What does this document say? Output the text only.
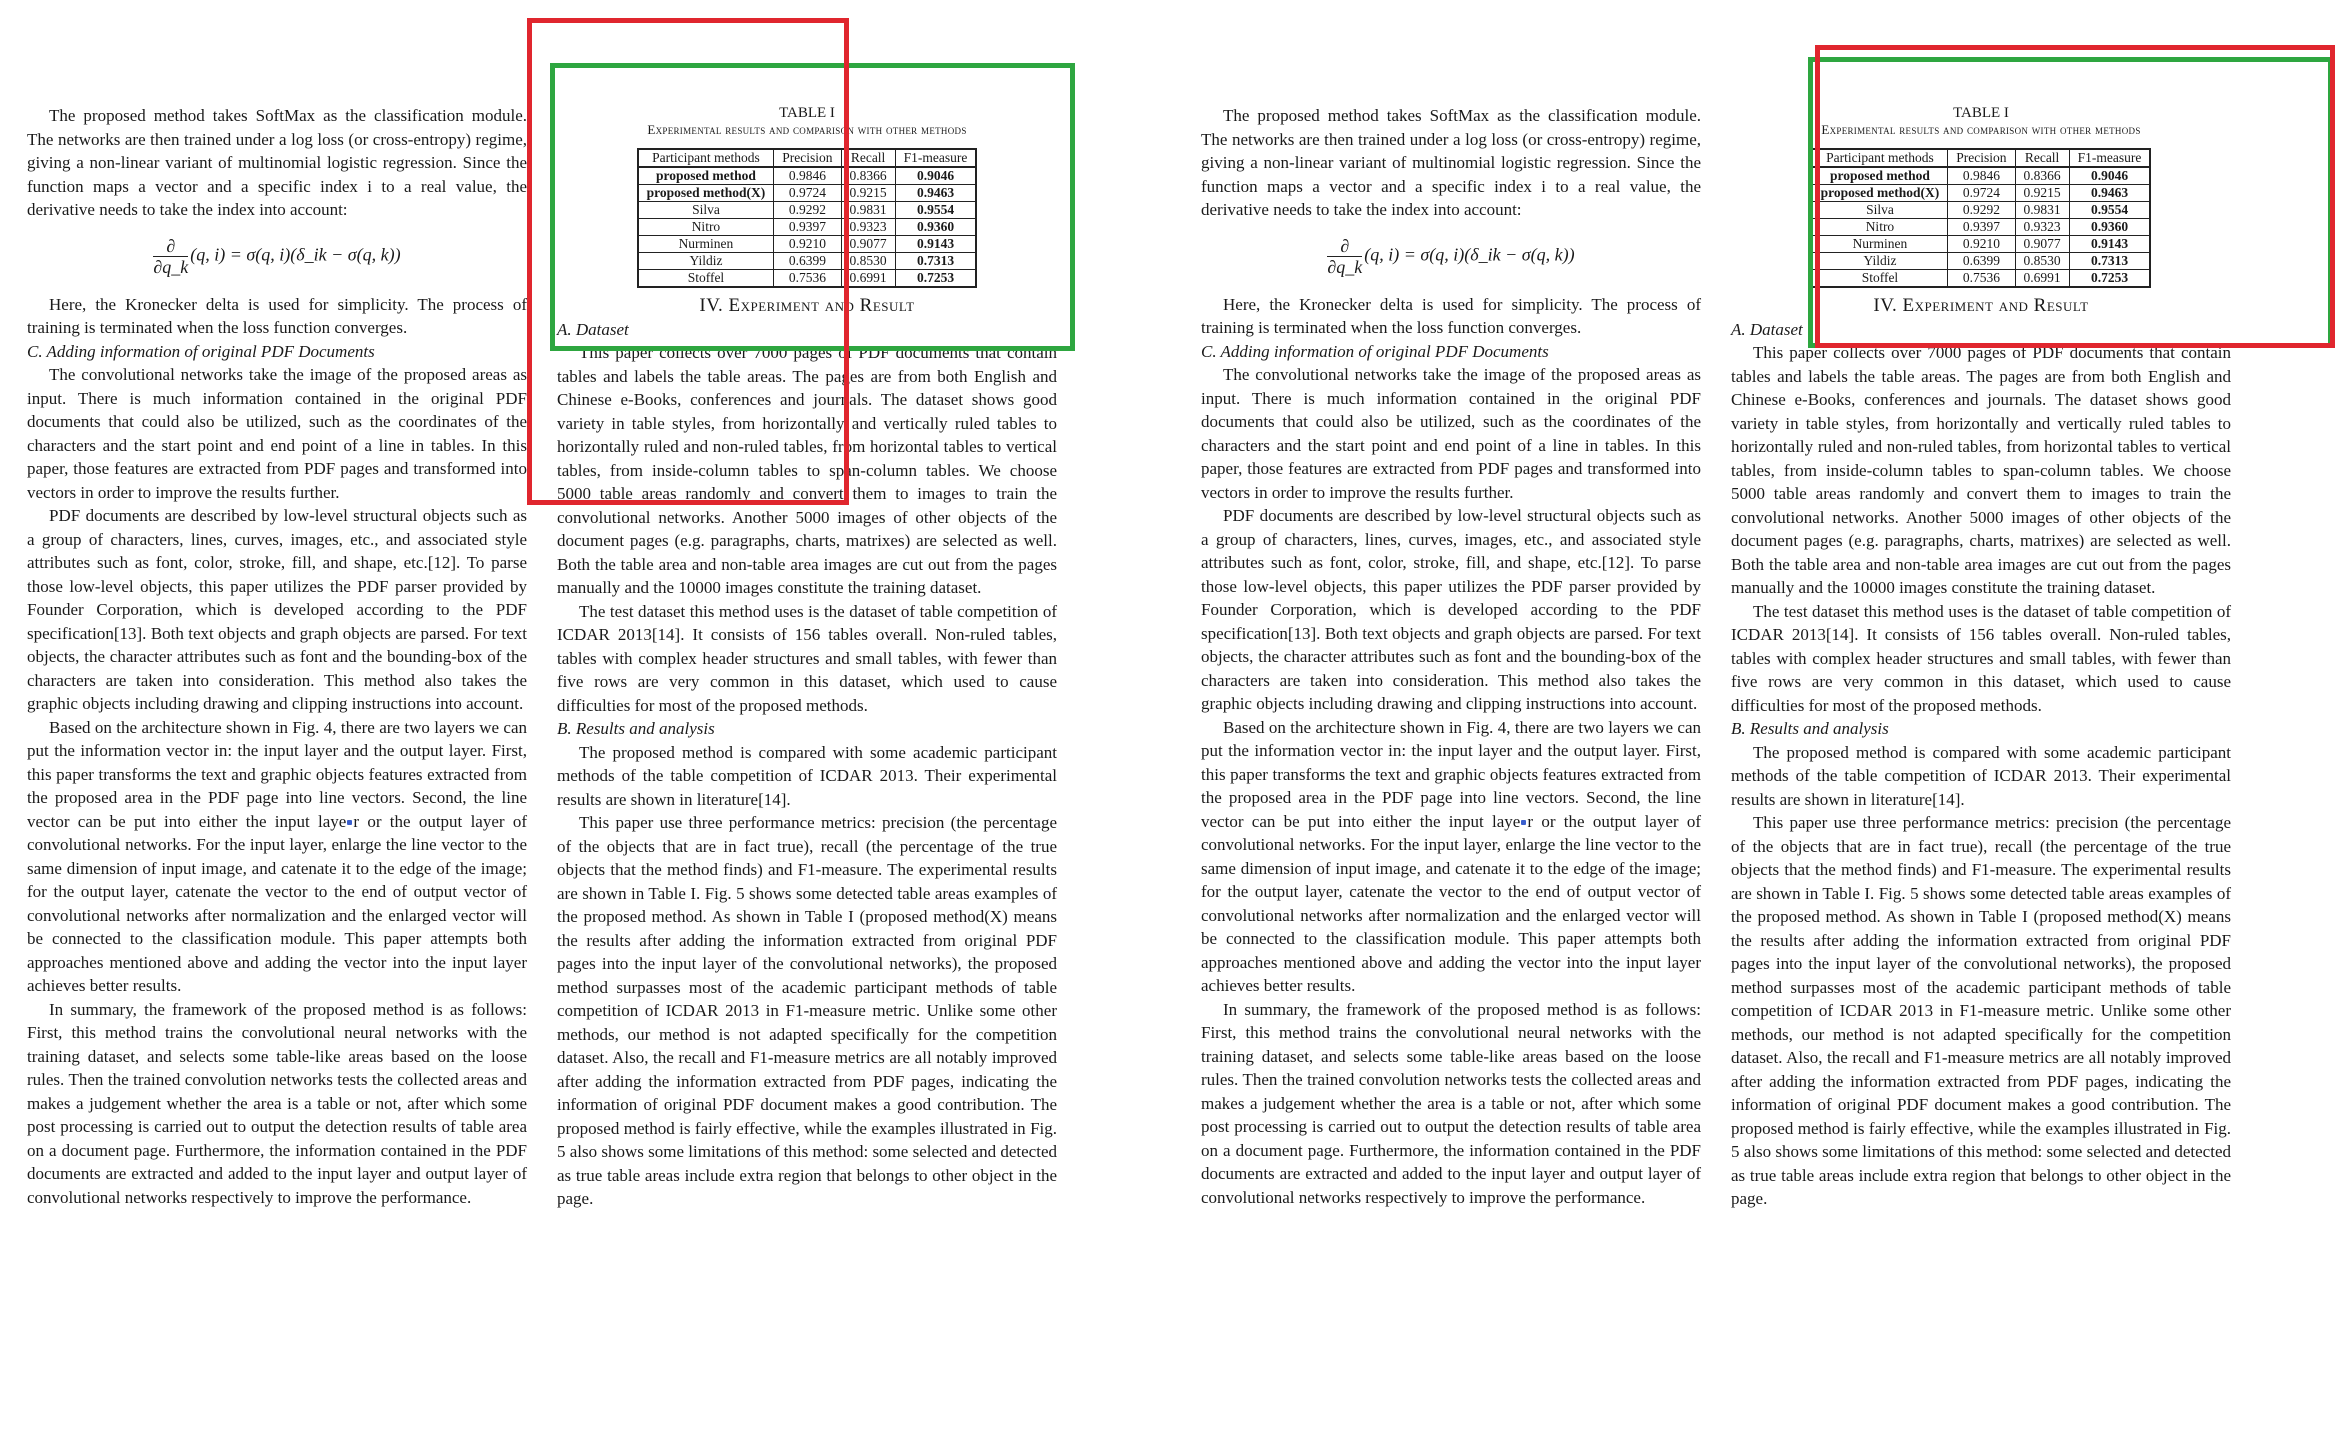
The proposed method takes SoftMax as the classification module. The networks are then trained under a log loss (or cross-entropy) regime, giving a non-linear variant of multinomial logistic regression. Since the function maps a vector and a specific index i to a real value, the derivative needs to take the index into account:

$\frac{\partial}{\partial q\_k} (q$, i) = σ(q, i)(δ_ik − σ(q, k))

Here, the Kronecker delta is used for simplicity. The process of training is terminated when the loss function converges.

C. Adding information of original PDF Documents

The convolutional networks take the image of the proposed areas as input. There is much information contained in the original PDF documents that could also be utilized, such as the coordinates of the characters and the start point and end point of a line in tables. In this paper, those features are extracted from PDF pages and transformed into vectors in order to improve the results further.

PDF documents are described by low-level structural objects such as a group of characters, lines, curves, images, etc., and associated style attributes such as font, color, stroke, fill, and shape, etc.[12]. To parse those low-level objects, this paper utilizes the PDF parser provided by Founder Corporation, which is developed according to the PDF specification[13]. Both text objects and graph objects are parsed. For text objects, the character attributes such as font and the bounding-box of the characters are taken into consideration. This method also takes the graphic objects including drawing and clipping instructions into account.

Based on the architecture shown in Fig. 4, there are two layers we can put the information vector in: the input layer and the output layer. First, this paper transforms the text and graphic objects features extracted from the proposed area in the PDF page into line vectors. Second, the line vector can be put into either the input laye r or the output layer of convolutional networks. For the input layer, enlarge the line vector to the same dimension of input image, and catenate it to the edge of the image; for the output layer, catenate the vector to the end of output vector of convolutional networks after normalization and the enlarged vector will be connected to the classification module. This paper attempts both approaches mentioned above and adding the vector into the input layer achieves better results.

In summary, the framework of the proposed method is as follows: First, this method trains the convolutional neural networks with the training dataset, and selects some table-like areas based on the loose rules. Then the trained convolution networks tests the collected areas and makes a judgement whether the area is a table or not, after which some post processing is carried out to output the detection results of table area on a document page. Furthermore, the information contained in the PDF documents are extracted and added to the input layer and output layer of convolutional networks respectively to improve the performance.

TABLE I
Experimental results and comparison with other methods
Participant methods	Precision	Recall	F1-measure
proposed method	0.9846	0.8366	0.9046
proposed method(X)	0.9724	0.9215	0.9463
Silva	0.9292	0.9831	0.9554
Nitro	0.9397	0.9323	0.9360
Nurminen	0.9210	0.9077	0.9143
Yildiz	0.6399	0.8530	0.7313
Stoffel	0.7536	0.6991	0.7253

IV. Experiment and Result

A. Dataset

This paper collects over 7000 pages of PDF documents that contain tables and labels the table areas. The pages are from both English and Chinese e-Books, conferences and journals. The dataset shows good variety in table styles, from horizontally and vertically ruled tables to horizontally ruled and non-ruled tables, from horizontal tables to vertical tables, from inside-column tables to span-column tables. We choose 5000 table areas randomly and convert them to images to train the convolutional networks. Another 5000 images of other objects of the document pages (e.g. paragraphs, charts, matrixes) are selected as well. Both the table area and non-table area images are cut out from the pages manually and the 10000 images constitute the training dataset.

The test dataset this method uses is the dataset of table competition of ICDAR 2013[14]. It consists of 156 tables overall. Non-ruled tables, tables with complex header structures and small tables, with fewer than five rows are very common in this dataset, which used to cause difficulties for most of the proposed methods.

B. Results and analysis

The proposed method is compared with some academic participant methods of the table competition of ICDAR 2013. Their experimental results are shown in literature[14].

This paper use three performance metrics: precision (the percentage of the objects that are in fact true), recall (the percentage of the true objects that the method finds) and F1-measure. The experimental results are shown in Table I. Fig. 5 shows some detected table areas examples of the proposed method. As shown in Table I (proposed method(X) means the results after adding the information extracted from original PDF pages into the input layer of the convolutional networks), the proposed method surpasses most of the academic participant methods of table competition of ICDAR 2013 in F1-measure metric. Unlike some other methods, our method is not adapted specifically for the competition dataset. Also, the recall and F1-measure metrics are all notably improved after adding the information extracted from PDF pages, indicating the information of original PDF document makes a good contribution. The proposed method is fairly effective, while the examples illustrated in Fig. 5 also shows some limitations of this method: some selected and detected as true table areas include extra region that belongs to other object in the page.

The proposed method takes SoftMax as the classification module. The networks are then trained under a log loss (or cross-entropy) regime, giving a non-linear variant of multinomial logistic regression. Since the function maps a vector and a specific index i to a real value, the derivative needs to take the index into account:

$\frac{\partial}{\partial q\_k} (q$, i) = σ(q, i)(δ_ik − σ(q, k))

Here, the Kronecker delta is used for simplicity. The process of training is terminated when the loss function converges.

C. Adding information of original PDF Documents

The convolutional networks take the image of the proposed areas as input. There is much information contained in the original PDF documents that could also be utilized, such as the coordinates of the characters and the start point and end point of a line in tables. In this paper, those features are extracted from PDF pages and transformed into vectors in order to improve the results further.

PDF documents are described by low-level structural objects such as a group of characters, lines, curves, images, etc., and associated style attributes such as font, color, stroke, fill, and shape, etc.[12]. To parse those low-level objects, this paper utilizes the PDF parser provided by Founder Corporation, which is developed according to the PDF specification[13]. Both text objects and graph objects are parsed. For text objects, the character attributes such as font and the bounding-box of the characters are taken into consideration. This method also takes the graphic objects including drawing and clipping instructions into account.

Based on the architecture shown in Fig. 4, there are two layers we can put the information vector in: the input layer and the output layer. First, this paper transforms the text and graphic objects features extracted from the proposed area in the PDF page into line vectors. Second, the line vector can be put into either the input laye r or the output layer of convolutional networks. For the input layer, enlarge the line vector to the same dimension of input image, and catenate it to the edge of the image; for the output layer, catenate the vector to the end of output vector of convolutional networks after normalization and the enlarged vector will be connected to the classification module. This paper attempts both approaches mentioned above and adding the vector into the input layer achieves better results.

In summary, the framework of the proposed method is as follows: First, this method trains the convolutional neural networks with the training dataset, and selects some table-like areas based on the loose rules. Then the trained convolution networks tests the collected areas and makes a judgement whether the area is a table or not, after which some post processing is carried out to output the detection results of table area on a document page. Furthermore, the information contained in the PDF documents are extracted and added to the input layer and output layer of convolutional networks respectively to improve the performance.

TABLE I
Experimental results and comparison with other methods
Participant methods	Precision	Recall	F1-measure
proposed method	0.9846	0.8366	0.9046
proposed method(X)	0.9724	0.9215	0.9463
Silva	0.9292	0.9831	0.9554
Nitro	0.9397	0.9323	0.9360
Nurminen	0.9210	0.9077	0.9143
Yildiz	0.6399	0.8530	0.7313
Stoffel	0.7536	0.6991	0.7253

IV. Experiment and Result

A. Dataset

This paper collects over 7000 pages of PDF documents that contain tables and labels the table areas. The pages are from both English and Chinese e-Books, conferences and journals. The dataset shows good variety in table styles, from horizontally and vertically ruled tables to horizontally ruled and non-ruled tables, from horizontal tables to vertical tables, from inside-column tables to span-column tables. We choose 5000 table areas randomly and convert them to images to train the convolutional networks. Another 5000 images of other objects of the document pages (e.g. paragraphs, charts, matrixes) are selected as well. Both the table area and non-table area images are cut out from the pages manually and the 10000 images constitute the training dataset.

The test dataset this method uses is the dataset of table competition of ICDAR 2013[14]. It consists of 156 tables overall. Non-ruled tables, tables with complex header structures and small tables, with fewer than five rows are very common in this dataset, which used to cause difficulties for most of the proposed methods.

B. Results and analysis

The proposed method is compared with some academic participant methods of the table competition of ICDAR 2013. Their experimental results are shown in literature[14].

This paper use three performance metrics: precision (the percentage of the objects that are in fact true), recall (the percentage of the true objects that the method finds) and F1-measure. The experimental results are shown in Table I. Fig. 5 shows some detected table areas examples of the proposed method. As shown in Table I (proposed method(X) means the results after adding the information extracted from original PDF pages into the input layer of the convolutional networks), the proposed method surpasses most of the academic participant methods of table competition of ICDAR 2013 in F1-measure metric. Unlike some other methods, our method is not adapted specifically for the competition dataset. Also, the recall and F1-measure metrics are all notably improved after adding the information extracted from PDF pages, indicating the information of original PDF document makes a good contribution. The proposed method is fairly effective, while the examples illustrated in Fig. 5 also shows some limitations of this method: some selected and detected as true table areas include extra region that belongs to other object in the page.
